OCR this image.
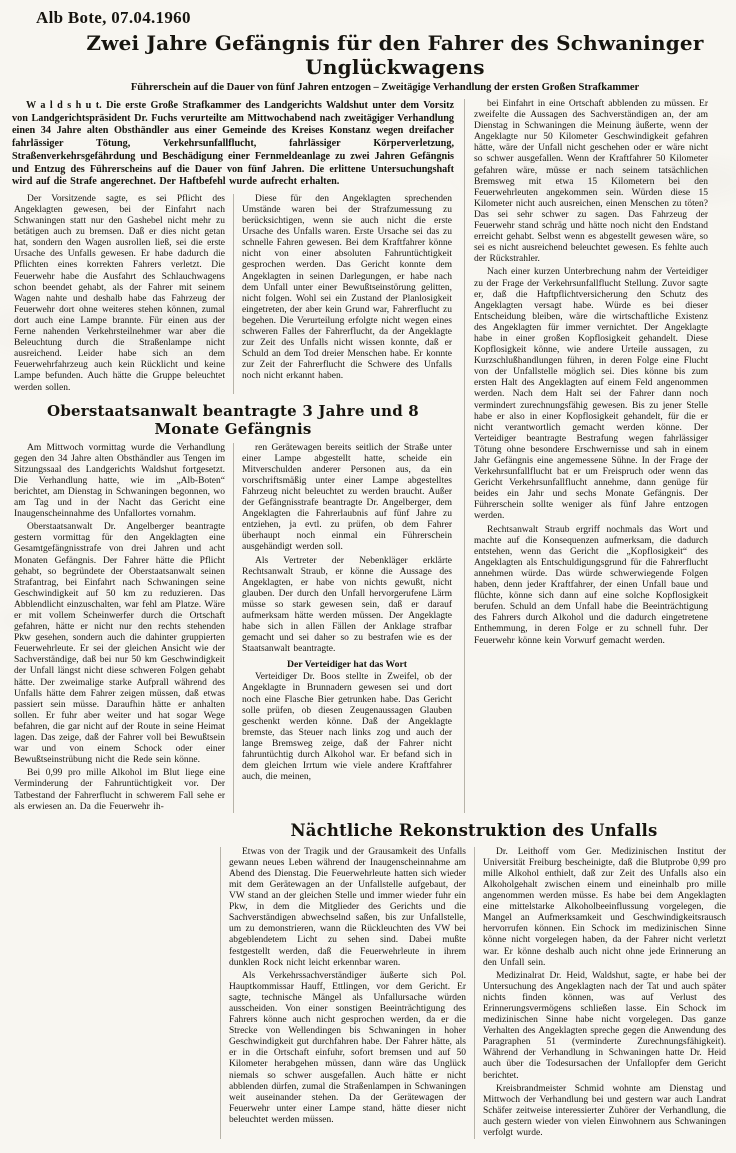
Alb Bote, 07.04.1960
Zwei Jahre Gefängnis für den Fahrer des Schwaninger Unglückwagens
Führerschein auf die Dauer von fünf Jahren entzogen – Zweitägige Verhandlung der ersten Großen Strafkammer

W a l d s h u t. Die erste Große Strafkammer des Landgerichts Waldshut unter dem Vorsitz von Landgerichtspräsident Dr. Fuchs verurteilte am Mittwochabend nach zweitägiger Verhandlung einen 34 Jahre alten Obsthändler aus einer Gemeinde des Kreises Konstanz wegen dreifacher fahrlässiger Tötung, Verkehrsunfallflucht, fahrlässiger Körperverletzung, Straßenverkehrsgefährdung und Beschädigung einer Fernmeldeanlage zu zwei Jahren Gefängnis und Entzug des Führerscheins auf die Dauer von fünf Jahren. Die erlittene Untersuchungshaft wird auf die Strafe angerechnet. Der Haftbefehl wurde aufrecht erhalten.

Der Vorsitzende sagte, es sei Pflicht des Angeklagten gewesen, bei der Einfahrt nach Schwaningen statt nur den Gashebel nicht mehr zu betätigen auch zu bremsen. Daß er dies nicht getan hat, sondern den Wagen ausrollen ließ, sei die erste Ursache des Unfalls gewesen. Er habe dadurch die Pflichten eines korrekten Fahrers verletzt. Die Feuerwehr habe die Ausfahrt des Schlauchwagens schon beendet gehabt, als der Fahrer mit seinem Wagen nahte und deshalb habe das Fahrzeug der Feuerwehr dort ohne weiteres stehen können, zumal dort auch eine Lampe brannte. Für einen aus der Ferne nahenden Verkehrsteilnehmer war aber die Beleuchtung durch die Straßenlampe nicht ausreichend. Leider habe sich an dem Feuerwehrfahrzeug auch kein Rücklicht und keine Lampe befunden. Auch hätte die Gruppe beleuchtet werden sollen.

Diese für den Angeklagten sprechenden Umstände waren bei der Strafzumessung zu berücksichtigen, wenn sie auch nicht die erste Ursache des Unfalls waren. Erste Ursache sei das zu schnelle Fahren gewesen. Bei dem Kraftfahrer könne nicht von einer absoluten Fahruntüchtigkeit gesprochen werden. Das Gericht konnte dem Angeklagten in seinen Darlegungen, er habe nach dem Unfall unter einer Bewußtseinstörung gelitten, nicht folgen. Wohl sei ein Zustand der Planlosigkeit eingetreten, der aber kein Grund war, Fahrerflucht zu begehen. Die Verurteilung erfolgte nicht wegen eines schweren Falles der Fahrerflucht, da der Angeklagte zur Zeit des Unfalls nicht wissen konnte, daß er Schuld an dem Tod dreier Menschen habe. Er konnte zur Zeit der Fahrerflucht die Schwere des Unfalls noch nicht erkannt haben.

Oberstaatsanwalt beantragte 3 Jahre und 8 Monate Gefängnis

Am Mittwoch vormittag wurde die Verhandlung gegen den 34 Jahre alten Obsthändler aus Tengen im Sitzungssaal des Landgerichts Waldshut fortgesetzt. Die Verhandlung hatte, wie im „Alb-Boten“ berichtet, am Dienstag in Schwaningen begonnen, wo am Tag und in der Nacht das Gericht eine Inaugenscheinnahme des Unfallortes vornahm.

Oberstaatsanwalt Dr. Angelberger beantragte gestern vormittag für den Angeklagten eine Gesamtgefängnisstrafe von drei Jahren und acht Monaten Gefängnis. Der Fahrer hätte die Pflicht gehabt, so begründete der Oberstaatsanwalt seinen Strafantrag, bei Einfahrt nach Schwaningen seine Geschwindigkeit auf 50 km zu reduzieren. Das Abblendlicht einzuschalten, war fehl am Platze. Wäre er mit vollem Scheinwerfer durch die Ortschaft gefahren, hätte er nicht nur den rechts stehenden Pkw gesehen, sondern auch die dahinter gruppierten Feuerwehrleute. Er sei der gleichen Ansicht wie der Sachverständige, daß bei nur 50 km Geschwindigkeit der Unfall längst nicht diese schweren Folgen gehabt hätte. Der zweimalige starke Aufprall während des Unfalls hätte dem Fahrer zeigen müssen, daß etwas passiert sein müsse. Daraufhin hätte er anhalten sollen. Er fuhr aber weiter und hat sogar Wege befahren, die gar nicht auf der Route in seine Heimat lagen. Das zeige, daß der Fahrer voll bei Bewußtsein war und von einem Schock oder einer Bewußtseinstrübung nicht die Rede sein könne.

Bei 0,99 pro mille Alkohol im Blut liege eine Verminderung der Fahruntüchtigkeit vor. Der Tatbestand der Fahrerflucht in schwerem Fall sehe er als erwiesen an. Da die Feuerwehr ih-

ren Gerätewagen bereits seitlich der Straße unter einer Lampe abgestellt hatte, scheide ein Mitverschulden anderer Personen aus, da ein vorschriftsmäßig unter einer Lampe abgestelltes Fahrzeug nicht beleuchtet zu werden braucht. Außer der Gefängnisstrafe beantragte Dr. Angelberger, dem Angeklagten die Fahrerlaubnis auf fünf Jahre zu entziehen, ja evtl. zu prüfen, ob dem Fahrer überhaupt noch einmal ein Führerschein ausgehändigt werden soll.

Als Vertreter der Nebenkläger erklärte Rechtsanwalt Straub, er könne die Aussage des Angeklagten, er habe von nichts gewußt, nicht glauben. Der durch den Unfall hervorgerufene Lärm müsse so stark gewesen sein, daß er darauf aufmerksam hätte werden müssen. Der Angeklagte habe sich in allen Fällen der Anklage strafbar gemacht und sei daher so zu bestrafen wie es der Staatsanwalt beantragte.

Der Verteidiger hat das Wort

Verteidiger Dr. Boos stellte in Zweifel, ob der Angeklagte in Brunnadern gewesen sei und dort noch eine Flasche Bier getrunken habe. Das Gericht solle prüfen, ob diesen Zeugenaussagen Glauben geschenkt werden könne. Daß der Angeklagte bremste, das Steuer nach links zog und auch der lange Bremsweg zeige, daß der Fahrer nicht fahruntüchtig durch Alkohol war. Er befand sich in dem gleichen Irrtum wie viele andere Kraftfahrer auch, die meinen,

bei Einfahrt in eine Ortschaft abblenden zu müssen. Er zweifelte die Aussagen des Sachverständigen an, der am Dienstag in Schwaningen die Meinung äußerte, wenn der Angeklagte nur 50 Kilometer Geschwindigkeit gefahren hätte, wäre der Unfall nicht geschehen oder er wäre nicht so schwer ausgefallen. Wenn der Kraftfahrer 50 Kilometer gefahren wäre, müsse er nach seinem tatsächlichen Bremsweg mit etwa 15 Kilometern bei den Feuerwehrleuten angekommen sein. Würden diese 15 Kilometer nicht auch ausreichen, einen Menschen zu töten? Das sei sehr schwer zu sagen. Das Fahrzeug der Feuerwehr stand schräg und hätte noch nicht den Endstand erreicht gehabt. Selbst wenn es abgestellt gewesen wäre, so sei es nicht ausreichend beleuchtet gewesen. Es fehlte auch der Rückstrahler.

Nach einer kurzen Unterbrechung nahm der Verteidiger zu der Frage der Verkehrsunfallflucht Stellung. Zuvor sagte er, daß die Haftpflichtversicherung den Schutz des Angeklagten versagt habe. Würde es bei dieser Entscheidung bleiben, wäre die wirtschaftliche Existenz des Angeklagten für immer vernichtet. Der Angeklagte habe in einer großen Kopflosigkeit gehandelt. Diese Kopflosigkeit könne, wie andere Urteile aussagen, zu Kurzschlußhandlungen führen, in deren Folge eine Flucht von der Unfallstelle möglich sei. Dies könne bis zum ersten Halt des Angeklagten auf einem Feld angenommen werden. Nach dem Halt sei der Fahrer dann noch vermindert zurechnungsfähig gewesen. Bis zu jener Stelle habe er also in einer Kopflosigkeit gehandelt, für die er nicht verantwortlich gemacht werden könne. Der Verteidiger beantragte Bestrafung wegen fahrlässiger Tötung ohne besondere Erschwernisse und sah in einem Jahr Gefängnis eine angemessene Sühne. In der Frage der Verkehrsunfallflucht bat er um Freispruch oder wenn das Gericht Verkehrsunfallflucht annehme, dann genüge für beides ein Jahr und sechs Monate Gefängnis. Der Führerschein sollte weniger als fünf Jahre entzogen werden.

Rechtsanwalt Straub ergriff nochmals das Wort und machte auf die Konsequenzen aufmerksam, die dadurch entstehen, wenn das Gericht die „Kopflosigkeit“ des Angeklagten als Entschuldigungsgrund für die Fahrerflucht annehmen würde. Das würde schwerwiegende Folgen haben, denn jeder Kraftfahrer, der einen Unfall baue und flüchte, könne sich dann auf eine solche Kopflosigkeit berufen. Schuld an dem Unfall habe die Beeinträchtigung des Fahrers durch Alkohol und die dadurch eingetretene Enthemmung, in deren Folge er zu schnell fuhr. Der Feuerwehr könne kein Vorwurf gemacht werden.

Nächtliche Rekonstruktion des Unfalls

Etwas von der Tragik und der Grausamkeit des Unfalls gewann neues Leben während der Inaugenscheinnahme am Abend des Dienstag. Die Feuerwehrleute hatten sich wieder mit dem Gerätewagen an der Unfallstelle aufgebaut, der VW stand an der gleichen Stelle und immer wieder fuhr ein Pkw, in dem die Mitglieder des Gerichts und die Sachverständigen abwechselnd saßen, bis zur Unfallstelle, um zu demonstrieren, wann die Rückleuchten des VW bei abgeblendetem Licht zu sehen sind. Dabei mußte festgestellt werden, daß die Feuerwehrleute in ihrem dunklen Rock nicht leicht erkennbar waren.

Als Verkehrssachverständiger äußerte sich Pol. Hauptkommissar Hauff, Ettlingen, vor dem Gericht. Er sagte, technische Mängel als Unfallursache würden ausscheiden. Von einer sonstigen Beeinträchtigung des Fahrers könne auch nicht gesprochen werden, da er die Strecke von Wellendingen bis Schwaningen in hoher Geschwindigkeit gut durchfahren habe. Der Fahrer hätte, als er in die Ortschaft einfuhr, sofort bremsen und auf 50 Kilometer herabgehen müssen, dann wäre das Unglück niemals so schwer ausgefallen. Auch hätte er nicht abblenden dürfen, zumal die Straßenlampen in Schwaningen weit auseinander stehen. Da der Gerätewagen der Feuerwehr unter einer Lampe stand, hätte dieser nicht beleuchtet werden müssen.

Dr. Leithoff vom Ger. Medizinischen Institut der Universität Freiburg bescheinigte, daß die Blutprobe 0,99 pro mille Alkohol enthielt, daß zur Zeit des Unfalls also ein Alkoholgehalt zwischen einem und eineinhalb pro mille angenommen werden müsse. Es habe bei dem Angeklagten eine mittelstarke Alkoholbeeinflussung vorgelegen, die Mangel an Aufmerksamkeit und Geschwindigkeitsrausch hervorrufen können. Ein Schock im medizinischen Sinne könne nicht vorgelegen haben, da der Fahrer nicht verletzt war. Er könne deshalb auch nicht ohne jede Erinnerung an den Unfall sein.

Medizinalrat Dr. Heid, Waldshut, sagte, er habe bei der Untersuchung des Angeklagten nach der Tat und auch später nichts finden können, was auf Verlust des Erinnerungsvermögens schließen lasse. Ein Schock im medizinischen Sinne habe nicht vorgelegen. Das ganze Verhalten des Angeklagten spreche gegen die Anwendung des Paragraphen 51 (verminderte Zurechnungsfähigkeit). Während der Verhandlung in Schwaningen hatte Dr. Heid auch über die Todesursachen der Unfallopfer dem Gericht berichtet.

Kreisbrandmeister Schmid wohnte am Dienstag und Mittwoch der Verhandlung bei und gestern war auch Landrat Schäfer zeitweise interessierter Zuhörer der Verhandlung, die auch gestern wieder von vielen Einwohnern aus Schwaningen verfolgt wurde.
